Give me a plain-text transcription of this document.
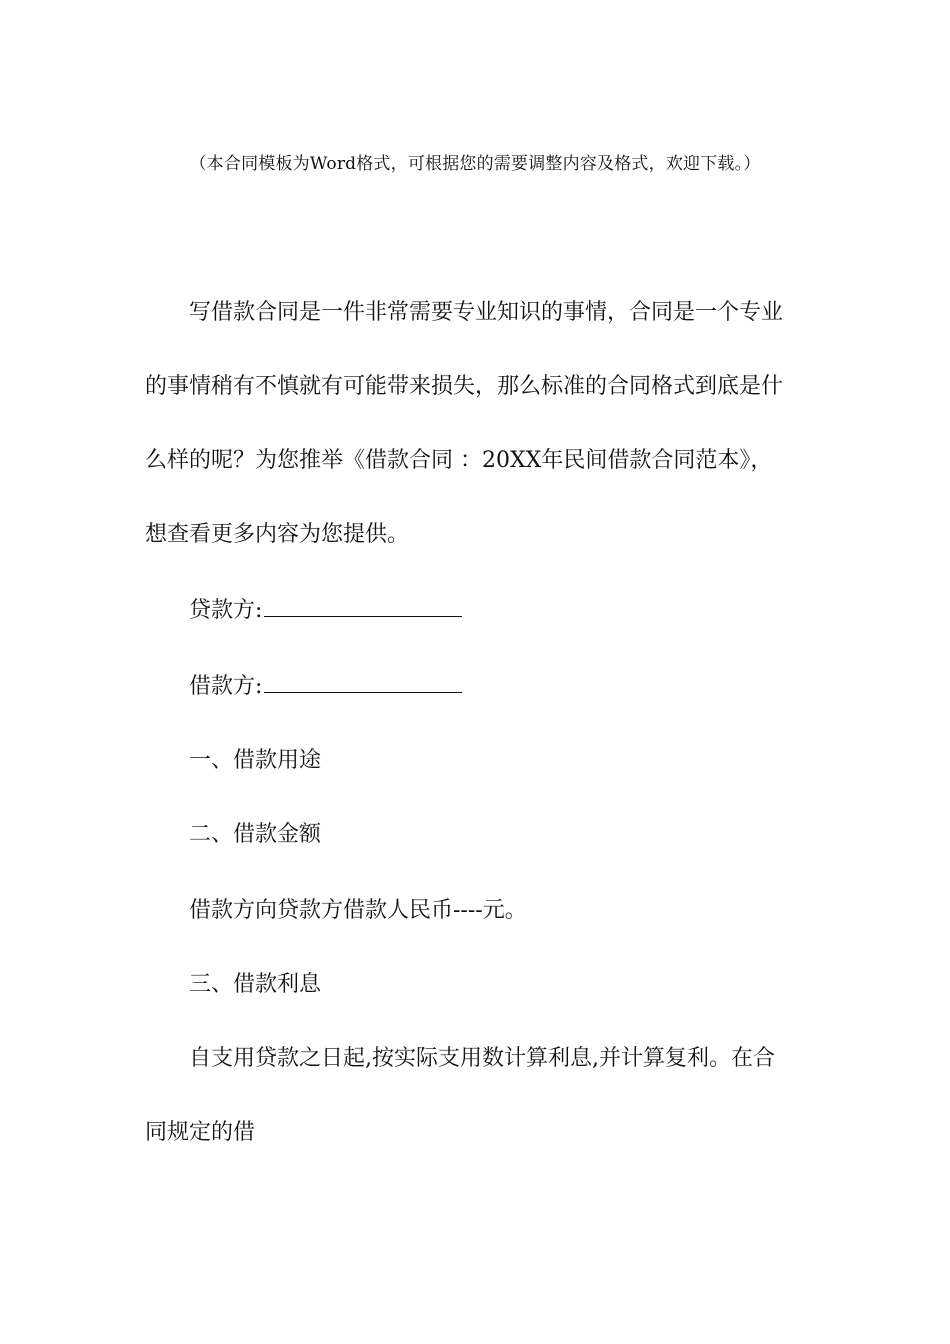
（本合同模板为Word格式，可根据您的需要调整内容及格式，欢迎下载。）
写借款合同是一件非常需要专业知识的事情，合同是一个专业
的事情稍有不慎就有可能带来损失，那么标准的合同格式到底是什
么样的呢？为您推举《借款合同 ：20XX年民间借款合同范本》，
想查看更多内容为您提供。
贷款方:
借款方:
一、借款用途
二、借款金额
借款方向贷款方借款人民币----元。
三、借款利息
自支用贷款之日起,按实际支用数计算利息,并计算复利。在合
同规定的借
